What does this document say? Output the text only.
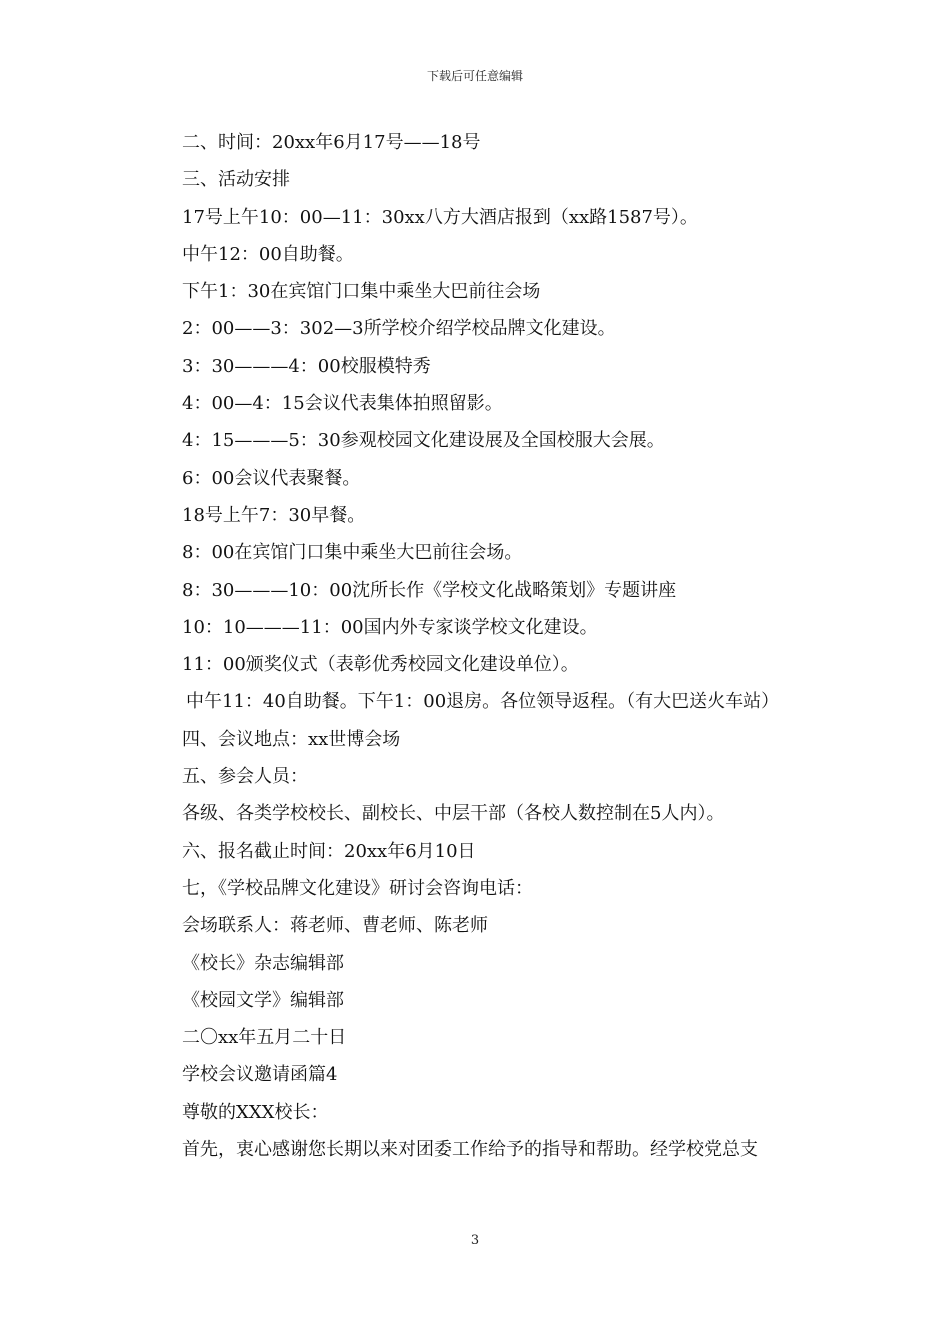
下载后可任意编辑
二、时间：20xx年6月17号——18号
三、活动安排
17号上午10：00—11：30xx八方大酒店报到（xx路1587号）。
中午12：00自助餐。
下午1：30在宾馆门口集中乘坐大巴前往会场
2：00——3：302—3所学校介绍学校品牌文化建设。
3：30———4：00校服模特秀
4：00—4：15会议代表集体拍照留影。
4：15———5：30参观校园文化建设展及全国校服大会展。
6：00会议代表聚餐。
18号上午7：30早餐。
8：00在宾馆门口集中乘坐大巴前往会场。
8：30———10：00沈所长作《学校文化战略策划》专题讲座
10：10———11：00国内外专家谈学校文化建设。
11：00颁奖仪式（表彰优秀校园文化建设单位）。
中午11：40自助餐。下午1：00退房。各位领导返程。（有大巴送火车站）
四、会议地点：xx世博会场
五、参会人员：
各级、各类学校校长、副校长、中层干部（各校人数控制在5人内）。
六、报名截止时间：20xx年6月10日
七，《学校品牌文化建设》研讨会咨询电话：
会场联系人：蒋老师、曹老师、陈老师
《校长》杂志编辑部
《校园文学》编辑部
二〇xx年五月二十日
学校会议邀请函篇4
尊敬的XXX校长：
首先，衷心感谢您长期以来对团委工作给予的指导和帮助。经学校党总支
3
